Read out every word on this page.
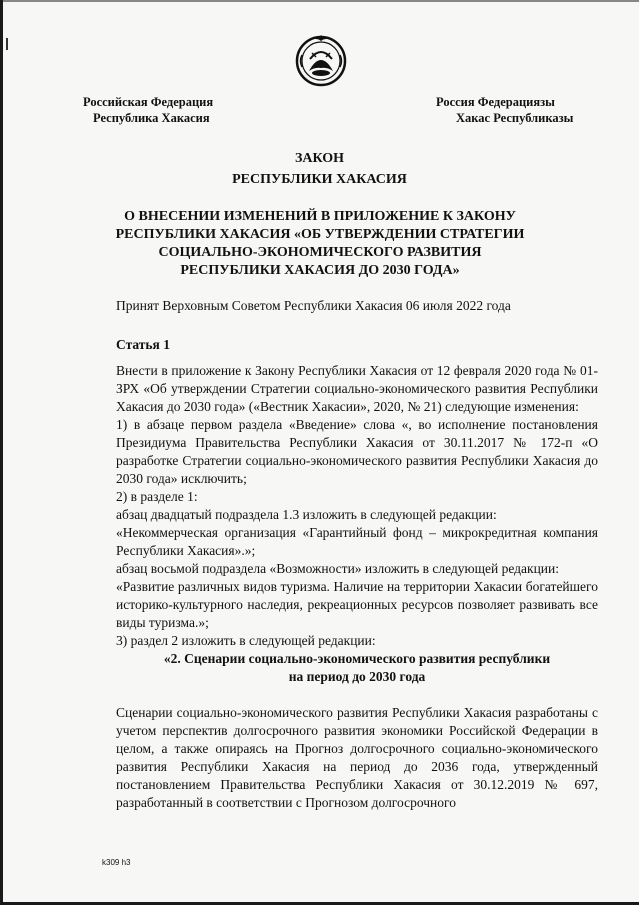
Российская Федерация
Республика Хакасия
Россия Федерациязы
Хакас Республиказы
ЗАКОН
РЕСПУБЛИКИ ХАКАСИЯ
О ВНЕСЕНИИ ИЗМЕНЕНИЙ В ПРИЛОЖЕНИЕ К ЗАКОНУ
РЕСПУБЛИКИ ХАКАСИЯ «ОБ УТВЕРЖДЕНИИ СТРАТЕГИИ
СОЦИАЛЬНО-ЭКОНОМИЧЕСКОГО РАЗВИТИЯ
РЕСПУБЛИКИ ХАКАСИЯ ДО 2030 ГОДА»
Принят Верховным Советом Республики Хакасия 06 июля 2022 года
Статья 1

Внести в приложение к Закону Республики Хакасия от 12 февраля 2020 года № 01-ЗРХ «Об утверждении Стратегии социально-экономического развития Республики Хакасия до 2030 года» («Вестник Хакасии», 2020, № 21) следующие изменения:

1) в абзаце первом раздела «Введение» слова «, во исполнение постановления Президиума Правительства Республики Хакасия от 30.11.2017 № 172-п «О разработке Стратегии социально-экономического развития Республики Хакасия до 2030 года» исключить;

2) в разделе 1:

абзац двадцатый подраздела 1.3 изложить в следующей редакции:

«Некоммерческая организация «Гарантийный фонд – микрокредитная компания Республики Хакасия».»;

абзац восьмой подраздела «Возможности» изложить в следующей редакции:

«Развитие различных видов туризма. Наличие на территории Хакасии богатейшего историко-культурного наследия, рекреационных ресурсов позволяет развивать все виды туризма.»;

3) раздел 2 изложить в следующей редакции:

«2. Сценарии социально-экономического развития республики
на период до 2030 года

Сценарии социально-экономического развития Республики Хакасия разработаны с учетом перспектив долгосрочного развития экономики Российской Федерации в целом, а также опираясь на Прогноз долгосрочного социально-экономического развития Республики Хакасия на период до 2036 года, утвержденный постановлением Правительства Республики Хакасия от 30.12.2019 № 697, разработанный в соответствии с Прогнозом долгосрочного

k309 h3
